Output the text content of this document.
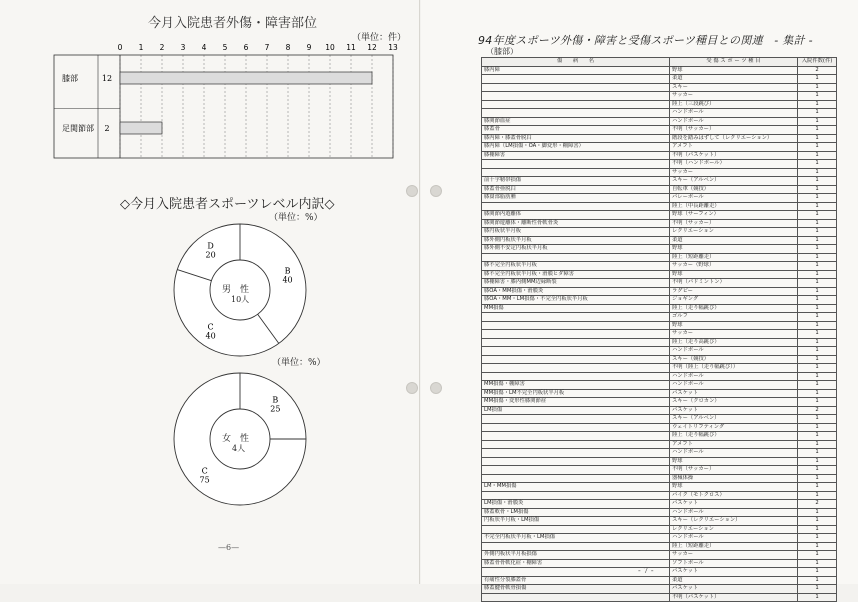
今月入院患者外傷・障害部位
（単位：件）
0 1 2 3 4 5 6 7 8 9 10 11 12 13
膝部	12
足関節部 2
◇今月入院患者スポーツレベル内訳◇
（単位：%）
B
40
C
40
D
20
男　性
10人
（単位：%）
B
25
C
75
女　性
4人
—6—
94年度スポーツ外傷・障害と受傷スポーツ種目との関連　- 集計 -
（膝部）
傷　　病　　名	受 傷 ス ポ ー ツ 種 目	入院件数(件)
膝内障	野球	2
	柔道	1
	スキー	1
	サッカー	1
	陸上（三段跳び）	1
	ハンドボール	1
膝関節血症	ハンドボール	1
膝蓋骨	不明（サッカー）	1
膝内障・膝蓋骨脱臼	階段を踏みはずして（レクリエーション）	1
膝内障（LM損傷・OA・脚変形・棚障害）	アメフト	1
膝棚障害	不明（バスケット）	1
	不明（ハンドボール）	1
	サッカー	1
前十字靭帯損傷	スキー（アルペン）	1
膝蓋骨亜脱臼	自転車（競技）	1
膝窩部脂肪腫	バレーボール	1
	陸上（中長距離走）	1
膝関節内遊離体	野球（サーフィン）	1
膝関節遊離体・離断性骨軟骨炎	不明（サッカー）	1
膝円板状半月板	レクリエーション	1
膝外側円板状半月板	柔道	1
膝外側不安定円板状半月板	野球	1
	陸上（短距離走）	1
膝不完全円板状半月板	サッカー（野球）	1
膝不完全円板状半月板・滑膜ヒダ障害	野球	1
膝棚障害・膝内側MM辺縁断裂	不明（バドミントン）	1
膝OA・MM損傷・滑膜炎	ラグビー	1
膝OA・MM・LM損傷・不完全円板状半月板	ジョギング	1
MM損傷	陸上（走り幅跳び）	1
	ゴルフ	1
	野球	1
	サッカー	1
	陸上（走り高跳び）	1
	ハンドボール	1
	スキー（競技）	1
	不明（陸上（走り幅跳び））	1
	ハンドボール	1
MM損傷・棚障害	ハンドボール	1
MM損傷・LM不完全円板状半月板	バスケット	1
MM損傷・変形性膝関節症	スキー（クロカン）	1
LM損傷	バスケット	2
	スキー（アルペン）	1
	ウェイトリフティング	1
	陸上（走り幅跳び）	1
	アメフト	1
	ハンドボール	1
	野球	1
	不明（サッカー）	1
	器械体操	1
LM・MM損傷	野球	1
	バイク（モトクロス）	1
LM損傷・滑膜炎	バスケット	2
膝蓋軟骨・LM損傷	ハンドボール	1
円板状半月板・LM損傷	スキー（レクリエーション）	1
	レクリエーション	1
不完全円板状半月板・LM損傷	ハンドボール	1
	陸上（短距離走）	1
外側円板状半月板損傷	サッカー	1
膝蓋骨骨軟化症・棚障害	ソフトボール	1
	バスケット	1
有痛性分裂膝蓋骨	柔道	1
膝蓋腱骨軟骨損傷	バスケット	1
	不明（バスケット）	1
- 7 -
